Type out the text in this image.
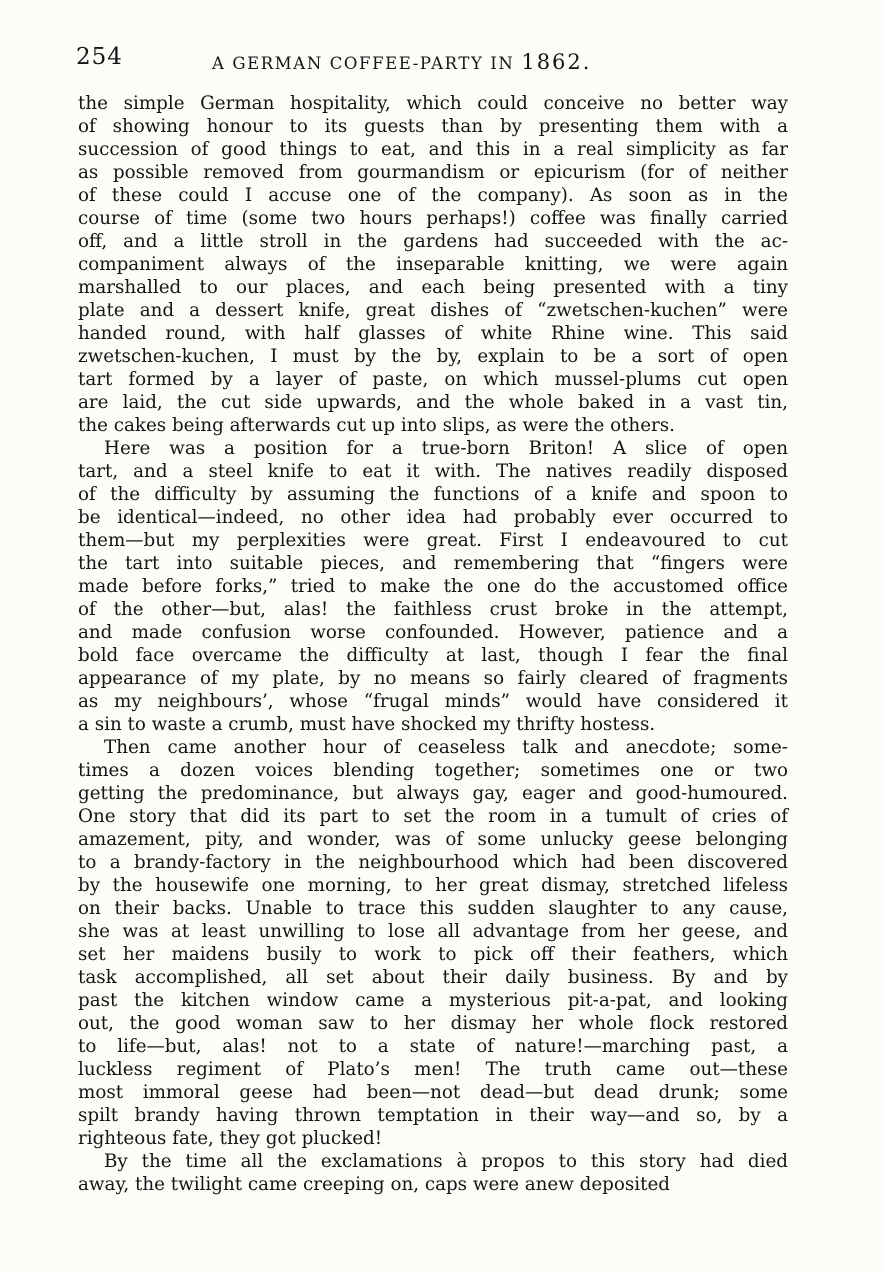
254	A GERMAN COFFEE-PARTY IN 1862.
the simple German hospitality, which could conceive no better way
of showing honour to its guests than by presenting them with a
succession of good things to eat, and this in a real simplicity as far
as possible removed from gourmandism or epicurism (for of neither
of these could I accuse one of the company). As soon as in the
course of time (some two hours perhaps!) coffee was finally carried
off, and a little stroll in the gardens had succeeded with the ac-
companiment always of the inseparable knitting, we were again
marshalled to our places, and each being presented with a tiny
plate and a dessert knife, great dishes of “zwetschen-kuchen” were
handed round, with half glasses of white Rhine wine. This said
zwetschen-kuchen, I must by the by, explain to be a sort of open
tart formed by a layer of paste, on which mussel-plums cut open
are laid, the cut side upwards, and the whole baked in a vast tin,
the cakes being afterwards cut up into slips, as were the others.
Here was a position for a true-born Briton! A slice of open
tart, and a steel knife to eat it with. The natives readily disposed
of the difficulty by assuming the functions of a knife and spoon to
be identical—indeed, no other idea had probably ever occurred to
them—but my perplexities were great. First I endeavoured to cut
the tart into suitable pieces, and remembering that “fingers were
made before forks,” tried to make the one do the accustomed office
of the other—but, alas! the faithless crust broke in the attempt,
and made confusion worse confounded. However, patience and a
bold face overcame the difficulty at last, though I fear the final
appearance of my plate, by no means so fairly cleared of fragments
as my neighbours’, whose “frugal minds” would have considered it
a sin to waste a crumb, must have shocked my thrifty hostess.
Then came another hour of ceaseless talk and anecdote; some-
times a dozen voices blending together; sometimes one or two
getting the predominance, but always gay, eager and good-humoured.
One story that did its part to set the room in a tumult of cries of
amazement, pity, and wonder, was of some unlucky geese belonging
to a brandy-factory in the neighbourhood which had been discovered
by the housewife one morning, to her great dismay, stretched lifeless
on their backs. Unable to trace this sudden slaughter to any cause,
she was at least unwilling to lose all advantage from her geese, and
set her maidens busily to work to pick off their feathers, which
task accomplished, all set about their daily business. By and by
past the kitchen window came a mysterious pit-a-pat, and looking
out, the good woman saw to her dismay her whole flock restored
to life—but, alas! not to a state of nature!—marching past, a
luckless regiment of Plato’s men! The truth came out—these
most immoral geese had been—not dead—but dead drunk; some
spilt brandy having thrown temptation in their way—and so, by a
righteous fate, they got plucked!
By the time all the exclamations à propos to this story had died
away, the twilight came creeping on, caps were anew deposited
